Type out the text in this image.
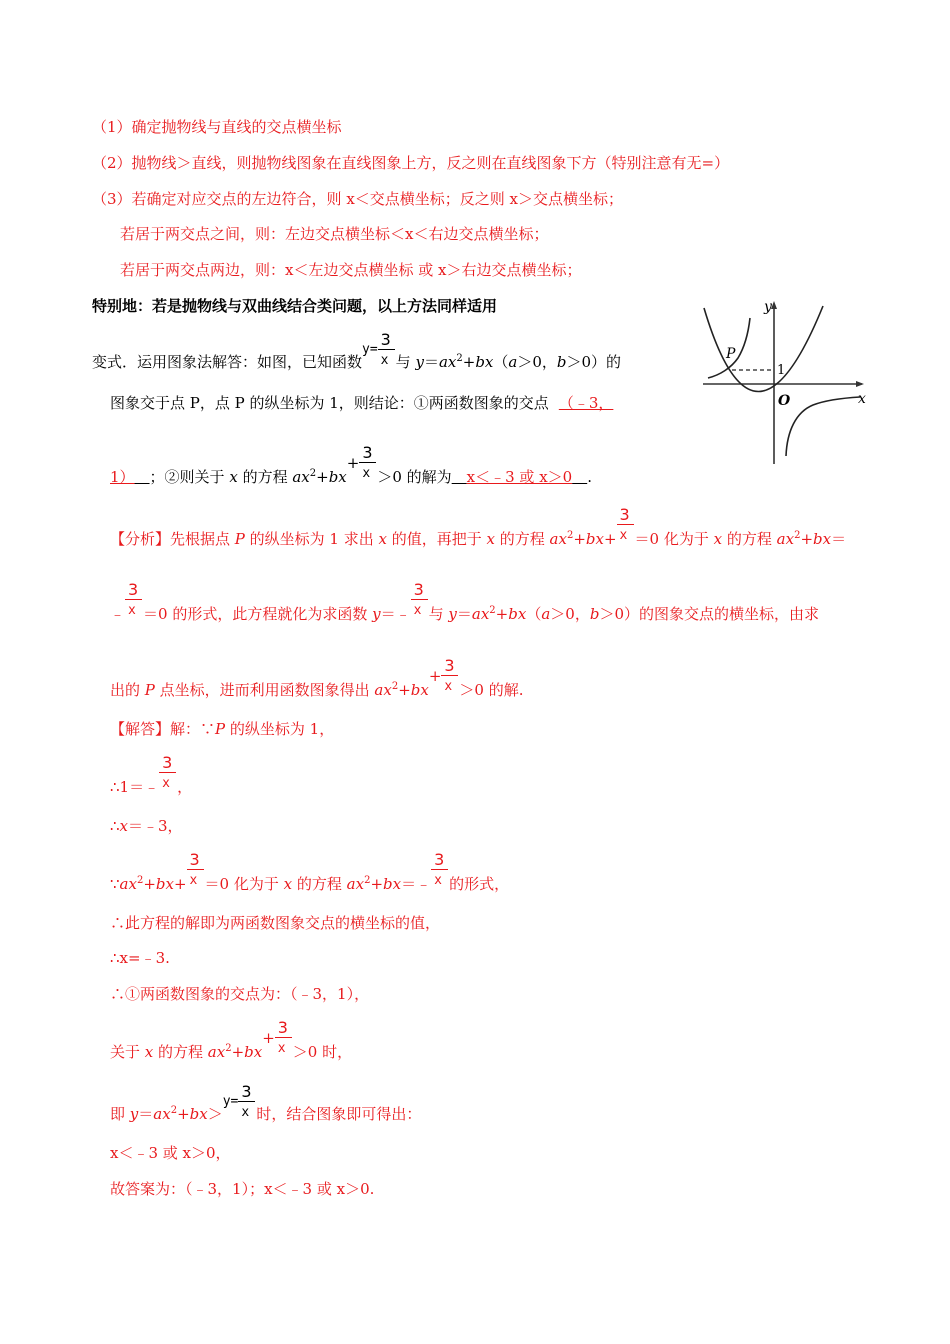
（1）确定抛物线与直线的交点横坐标
（2）抛物线＞直线，则抛物线图象在直线图象上方，反之则在直线图象下方（特别注意有无=）
（3）若确定对应交点的左边符合，则 x＜交点横坐标；反之则 x＞交点横坐标；
若居于两交点之间，则：左边交点横坐标＜x＜右边交点横坐标；
若居于两交点两边，则：x＜左边交点横坐标 或 x＞右边交点横坐标；
特别地：若是抛物线与双曲线结合类问题，以上方法同样适用
变式．运用图象法解答：如图，已知函数y=
$\frac{3}{x}$ 与 $y=ax^2+bx(a>0$，b＞0）的
图象交于点 P，点 P 的纵坐标为 1，则结论：①两函数图象的交点 （﹣3，
1）   ；②则关于 x 的方程 $ax^2+bx+$
$\frac{3}{x} >0$ 的解为   x＜﹣3 或 x＞0   .
y
x
O
P
1
【分析】先根据点 P 的纵坐标为 1 求出 x 的值，再把于 x 的方程 $ax^2+bx+ \frac{3}{x} =0$ 化为于 x 的方程 $ax^2+bx=$
﹣ $\frac{3}{x} =0$ 的形式，此方程就化为求函数 y＝﹣ $\frac{3}{x}$ 与 $y=ax^2+bx(a>0$，b＞0）的图象交点的横坐标，由求
出的 P 点坐标，进而利用函数图象得出 $ax^2+bx+$
$\frac{3}{x} >0$ 的解.
【解答】解：∵P 的纵坐标为 1，
∴1＝﹣ $\frac{3}{x}$ ，
∴x＝﹣3，
$\because ax^2+bx+ \frac{3}{x} =0$ 化为于 x 的方程 $ax^2+bx=﹣ \frac{3}{x}$ 的形式，
∴此方程的解即为两函数图象交点的横坐标的值，
∴x=﹣3.
∴①两函数图象的交点为：（﹣3，1），
关于 x 的方程 $ax^2+bx+$
$\frac{3}{x} >0$ 时，
即 $y=ax^2+bx>y=$
$\frac{3}{x}$ 时，结合图象即可得出：
x＜﹣3 或 x＞0，
故答案为：（﹣3，1）；x＜﹣3 或 x＞0.
